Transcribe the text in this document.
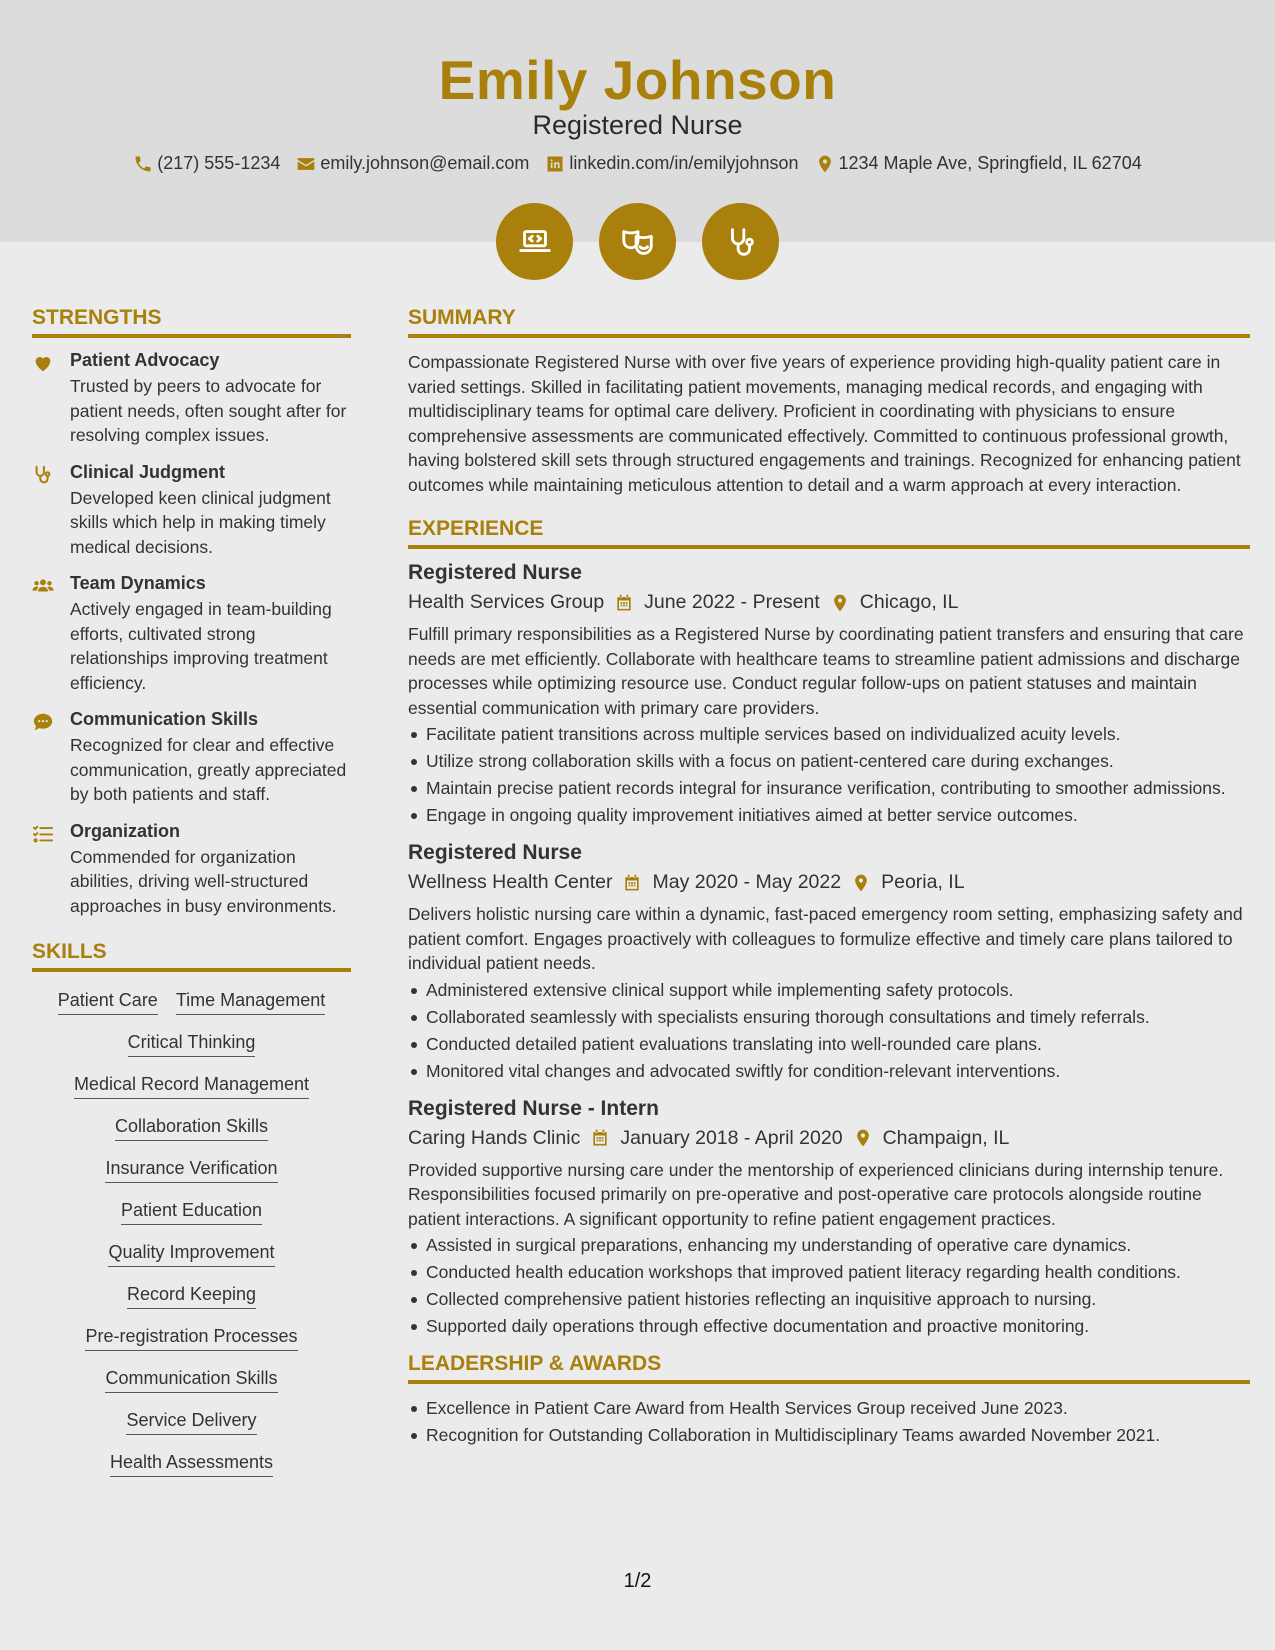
Emily Johnson
Registered Nurse
(217) 555-1234 emily.johnson@email.com linkedin.com/in/emilyjohnson 1234 Maple Ave, Springfield, IL 62704
STRENGTHS
Patient Advocacy
Trusted by peers to advocate for patient needs, often sought after for resolving complex issues.
Clinical Judgment
Developed keen clinical judgment skills which help in making timely medical decisions.
Team Dynamics
Actively engaged in team-building efforts, cultivated strong relationships improving treatment efficiency.
Communication Skills
Recognized for clear and effective communication, greatly appreciated by both patients and staff.
Organization
Commended for organization abilities, driving well-structured approaches in busy environments.
SKILLS
Patient Care Time Management
Critical Thinking
Medical Record Management
Collaboration Skills
Insurance Verification
Patient Education
Quality Improvement
Record Keeping
Pre-registration Processes
Communication Skills
Service Delivery
Health Assessments
SUMMARY
Compassionate Registered Nurse with over five years of experience providing high-quality patient care in varied settings. Skilled in facilitating patient movements, managing medical records, and engaging with multidisciplinary teams for optimal care delivery. Proficient in coordinating with physicians to ensure comprehensive assessments are communicated effectively. Committed to continuous professional growth, having bolstered skill sets through structured engagements and trainings. Recognized for enhancing patient outcomes while maintaining meticulous attention to detail and a warm approach at every interaction.
EXPERIENCE
Registered Nurse
Health Services Group June 2022 - Present Chicago, IL
Fulfill primary responsibilities as a Registered Nurse by coordinating patient transfers and ensuring that care needs are met efficiently. Collaborate with healthcare teams to streamline patient admissions and discharge processes while optimizing resource use. Conduct regular follow-ups on patient statuses and maintain essential communication with primary care providers.
Facilitate patient transitions across multiple services based on individualized acuity levels.
Utilize strong collaboration skills with a focus on patient-centered care during exchanges.
Maintain precise patient records integral for insurance verification, contributing to smoother admissions.
Engage in ongoing quality improvement initiatives aimed at better service outcomes.
Registered Nurse
Wellness Health Center May 2020 - May 2022 Peoria, IL
Delivers holistic nursing care within a dynamic, fast-paced emergency room setting, emphasizing safety and patient comfort. Engages proactively with colleagues to formulize effective and timely care plans tailored to individual patient needs.
Administered extensive clinical support while implementing safety protocols.
Collaborated seamlessly with specialists ensuring thorough consultations and timely referrals.
Conducted detailed patient evaluations translating into well-rounded care plans.
Monitored vital changes and advocated swiftly for condition-relevant interventions.
Registered Nurse - Intern
Caring Hands Clinic January 2018 - April 2020 Champaign, IL
Provided supportive nursing care under the mentorship of experienced clinicians during internship tenure. Responsibilities focused primarily on pre-operative and post-operative care protocols alongside routine patient interactions. A significant opportunity to refine patient engagement practices.
Assisted in surgical preparations, enhancing my understanding of operative care dynamics.
Conducted health education workshops that improved patient literacy regarding health conditions.
Collected comprehensive patient histories reflecting an inquisitive approach to nursing.
Supported daily operations through effective documentation and proactive monitoring.
LEADERSHIP & AWARDS
Excellence in Patient Care Award from Health Services Group received June 2023.
Recognition for Outstanding Collaboration in Multidisciplinary Teams awarded November 2021.
1/2
